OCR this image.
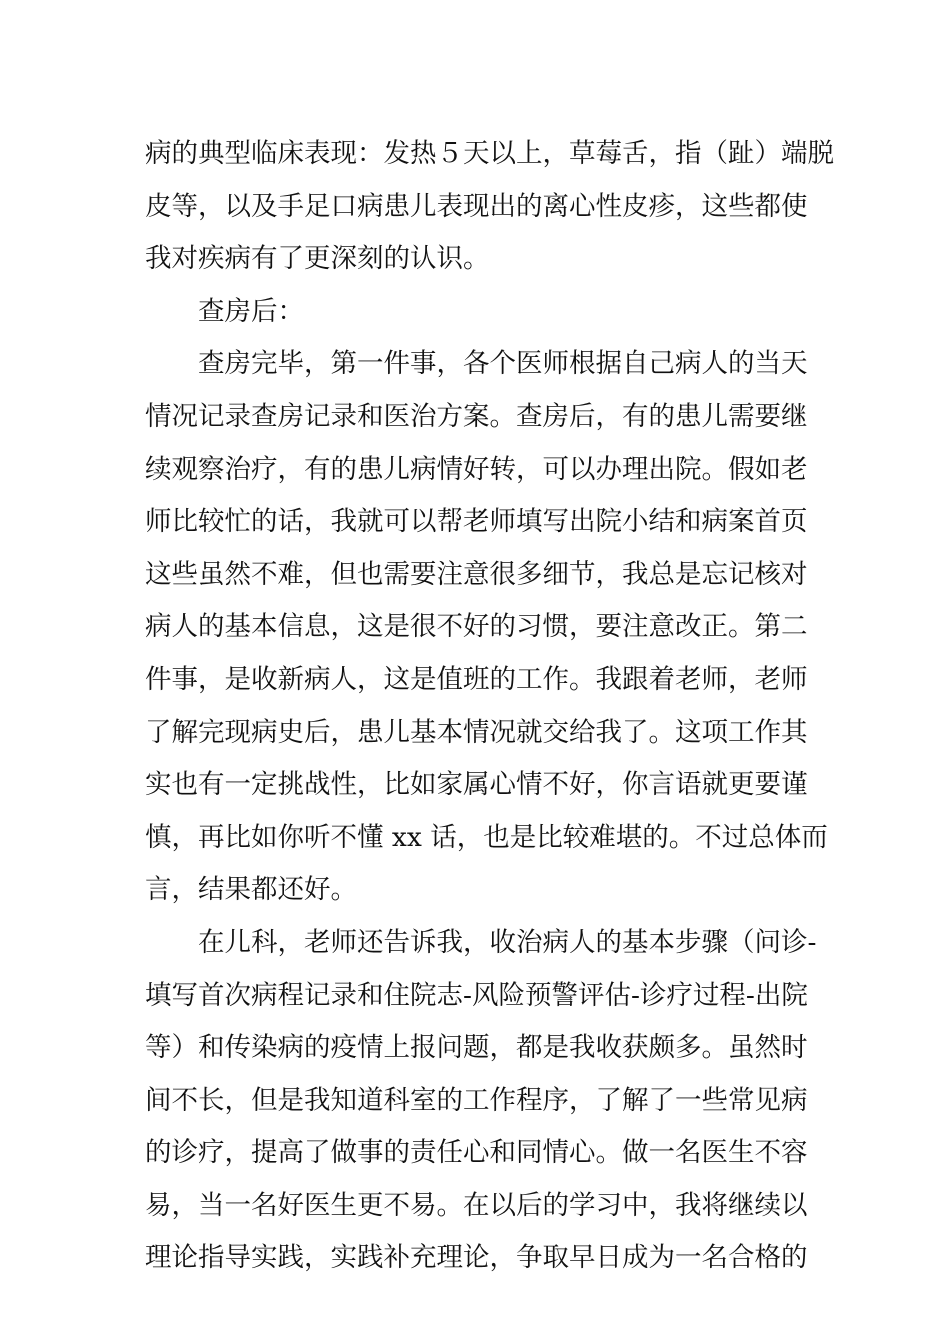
病的典型临床表现：发热５天以上，草莓舌，指（趾）端脱
皮等，以及手足口病患儿表现出的离心性皮疹，这些都使
我对疾病有了更深刻的认识。
　　查房后：
　　查房完毕，第一件事，各个医师根据自己病人的当天
情况记录查房记录和医治方案。查房后，有的患儿需要继
续观察治疗，有的患儿病情好转，可以办理出院。假如老
师比较忙的话，我就可以帮老师填写出院小结和病案首页
这些虽然不难，但也需要注意很多细节，我总是忘记核对
病人的基本信息，这是很不好的习惯，要注意改正。第二
件事，是收新病人，这是值班的工作。我跟着老师，老师
了解完现病史后，患儿基本情况就交给我了。这项工作其
实也有一定挑战性，比如家属心情不好，你言语就更要谨
慎，再比如你听不懂 xx 话，也是比较难堪的。不过总体而
言，结果都还好。
　　在儿科，老师还告诉我，收治病人的基本步骤（问诊-
填写首次病程记录和住院志-风险预警评估-诊疗过程-出院
等）和传染病的疫情上报问题，都是我收获颇多。虽然时
间不长，但是我知道科室的工作程序，了解了一些常见病
的诊疗，提高了做事的责任心和同情心。做一名医生不容
易，当一名好医生更不易。在以后的学习中，我将继续以
理论指导实践，实践补充理论，争取早日成为一名合格的
